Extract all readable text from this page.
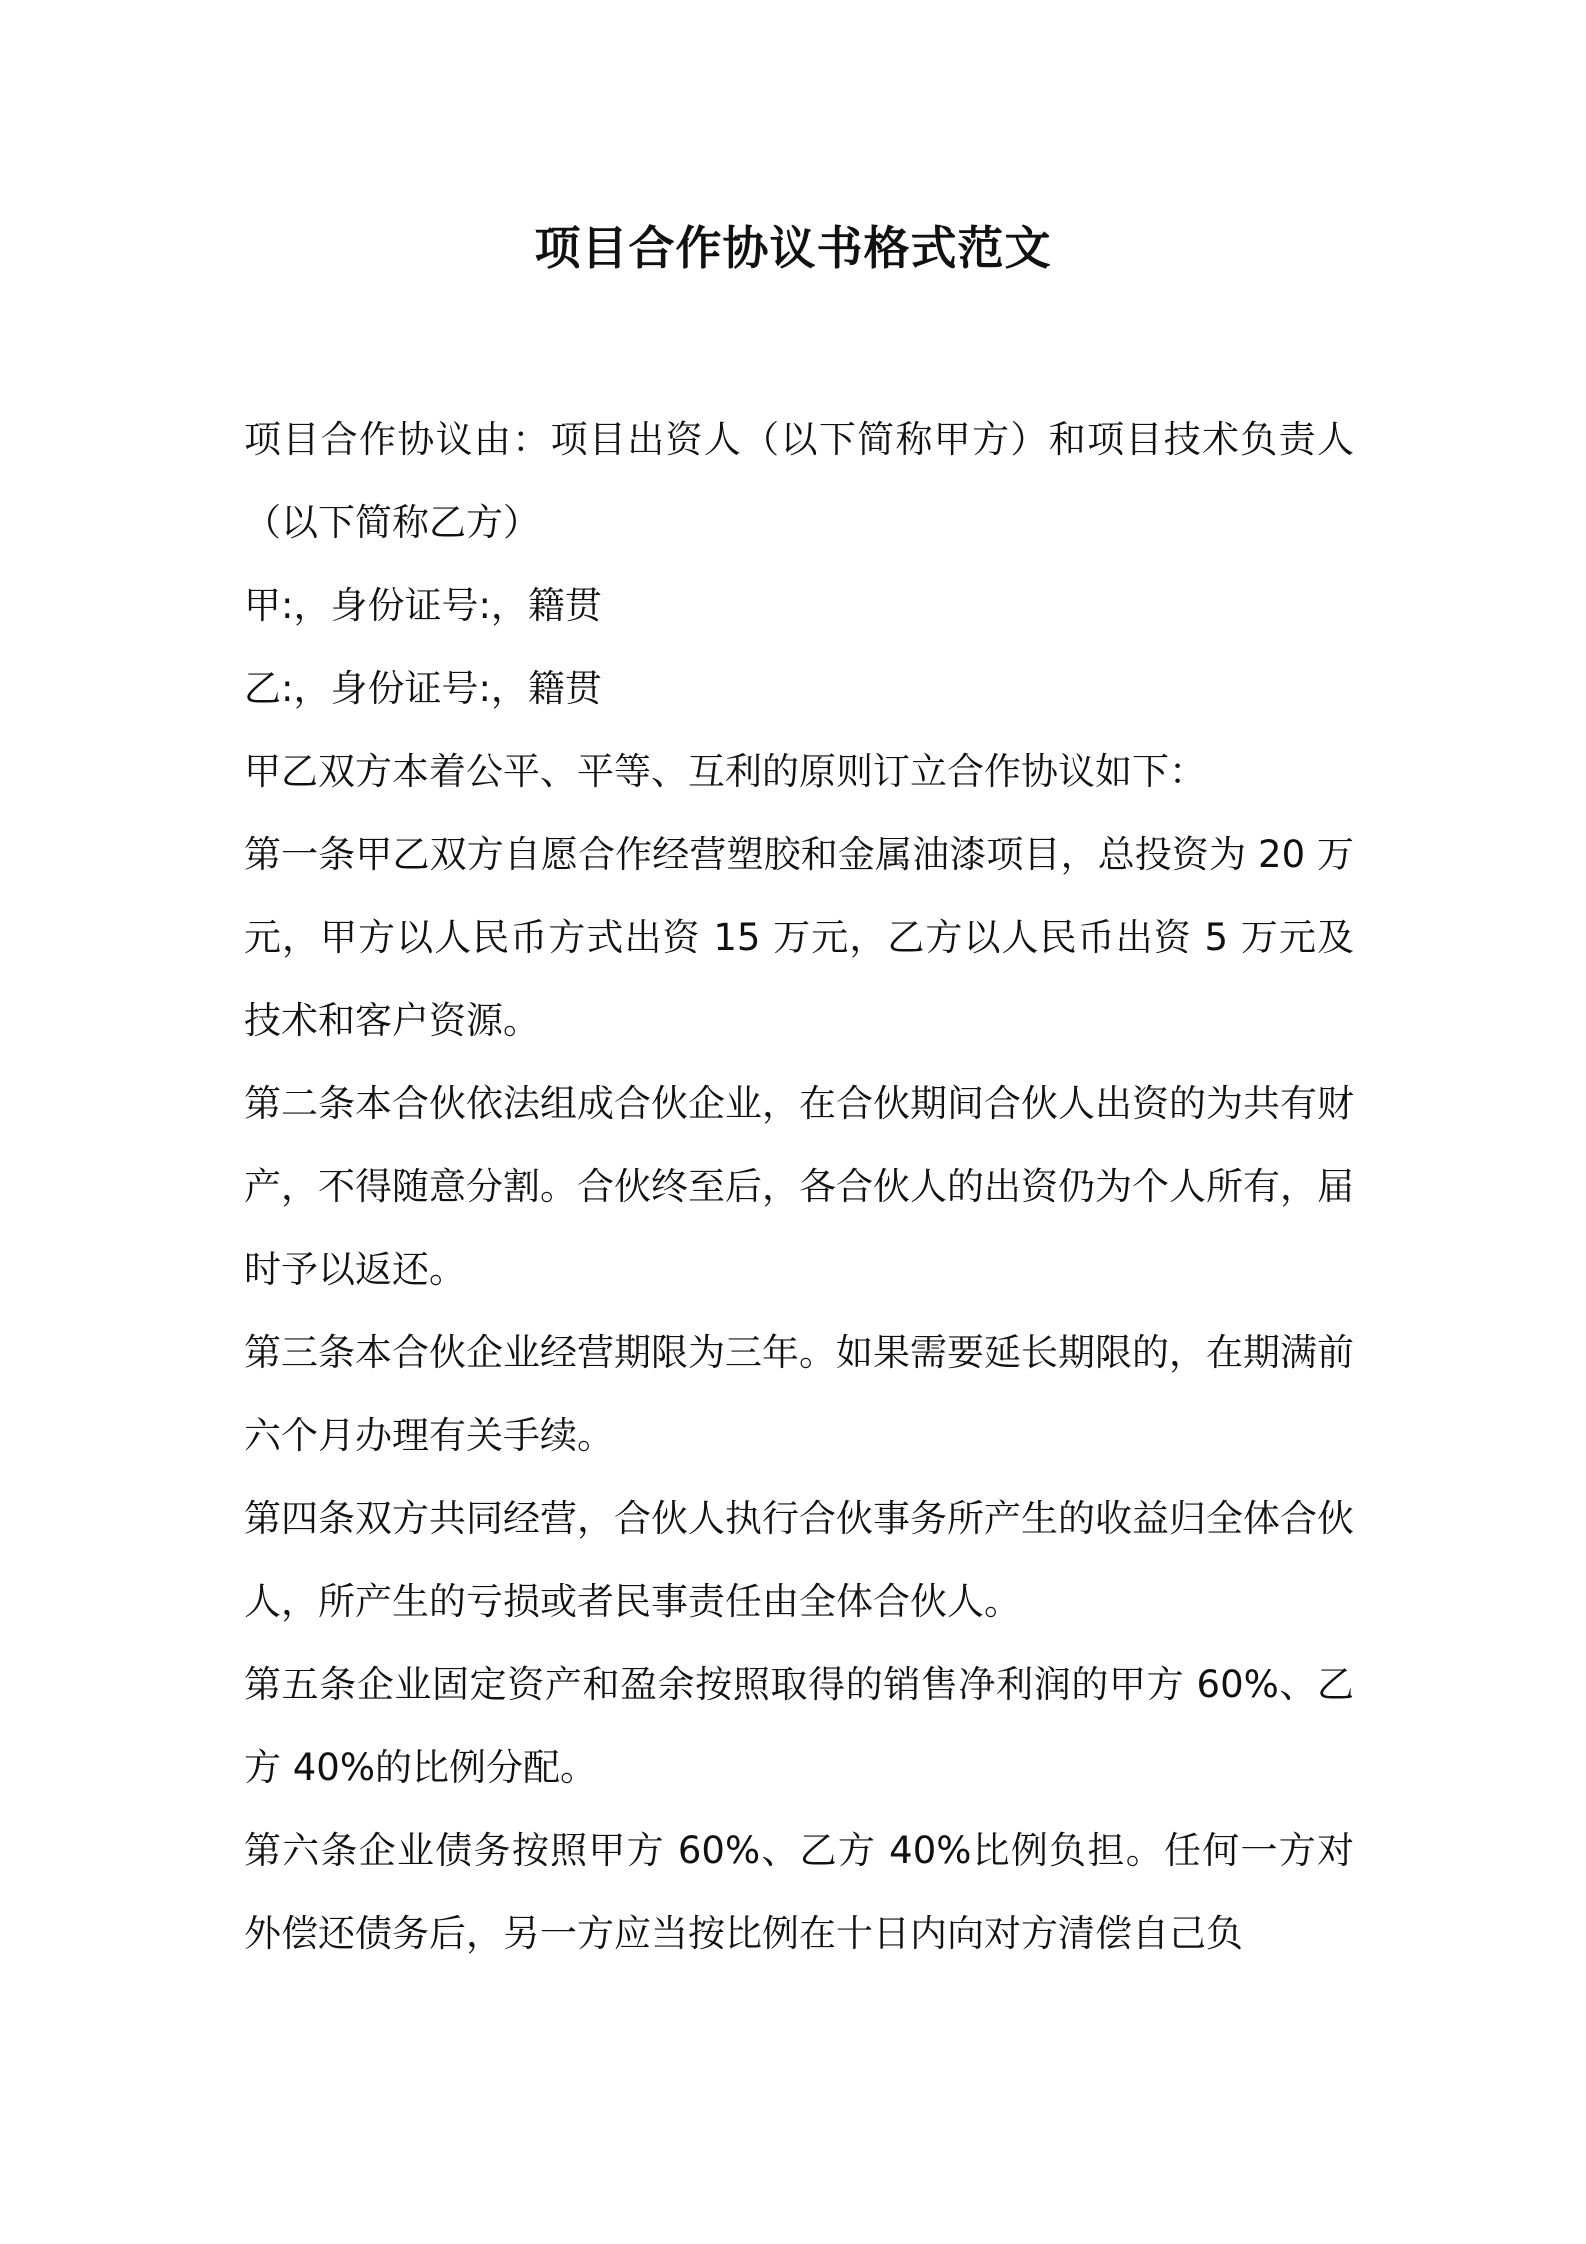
项目合作协议书格式范文

项目合作协议由：项目出资人（以下简称甲方）和项目技术负责人（以下简称乙方）

甲:，身份证号:，籍贯

乙:，身份证号:，籍贯

甲乙双方本着公平、平等、互利的原则订立合作协议如下：

第一条甲乙双方自愿合作经营塑胶和金属油漆项目，总投资为 20 万元，甲方以人民币方式出资 15 万元，乙方以人民币出资 5 万元及技术和客户资源。

第二条本合伙依法组成合伙企业，在合伙期间合伙人出资的为共有财产，不得随意分割。合伙终至后，各合伙人的出资仍为个人所有，届时予以返还。

第三条本合伙企业经营期限为三年。如果需要延长期限的，在期满前六个月办理有关手续。

第四条双方共同经营，合伙人执行合伙事务所产生的收益归全体合伙人，所产生的亏损或者民事责任由全体合伙人。

第五条企业固定资产和盈余按照取得的销售净利润的甲方 60%、乙方 40%的比例分配。

第六条企业债务按照甲方 60%、乙方 40%比例负担。任何一方对外偿还债务后，另一方应当按比例在十日内向对方清偿自己负
